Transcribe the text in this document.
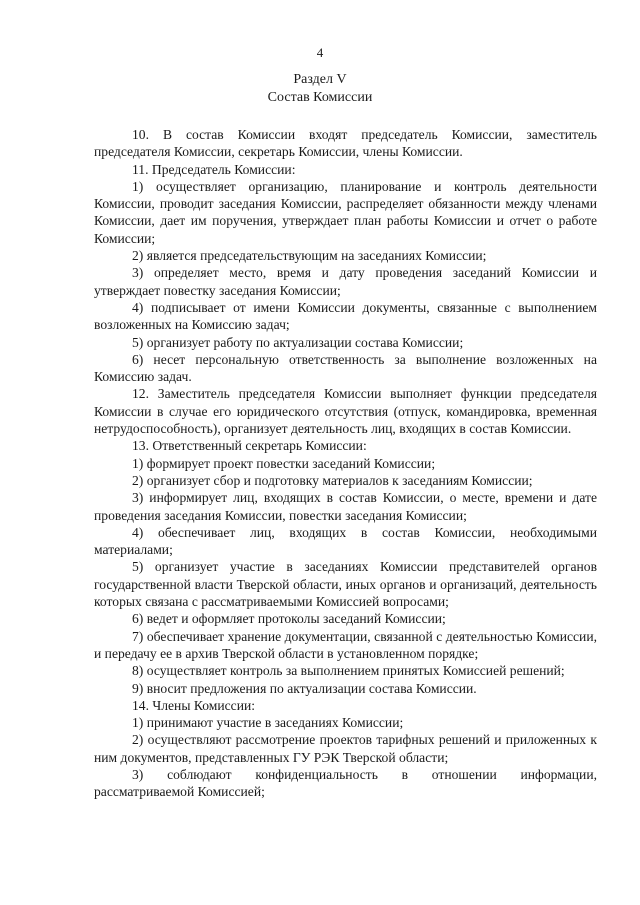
4
Раздел V
Состав Комиссии

10. В состав Комиссии входят председатель Комиссии, заместитель председателя Комиссии, секретарь Комиссии, члены Комиссии.

11. Председатель Комиссии:

1) осуществляет организацию, планирование и контроль деятельности Комиссии, проводит заседания Комиссии, распределяет обязанности между членами Комиссии, дает им поручения, утверждает план работы Комиссии и отчет о работе Комиссии;

2) является председательствующим на заседаниях Комиссии;

3) определяет место, время и дату проведения заседаний Комиссии и утверждает повестку заседания Комиссии;

4) подписывает от имени Комиссии документы, связанные с выполнением возложенных на Комиссию задач;

5) организует работу по актуализации состава Комиссии;

6) несет персональную ответственность за выполнение возложенных на Комиссию задач.

12. Заместитель председателя Комиссии выполняет функции председателя Комиссии в случае его юридического отсутствия (отпуск, командировка, временная нетрудоспособность), организует деятельность лиц, входящих в состав Комиссии.

13. Ответственный секретарь Комиссии:

1) формирует проект повестки заседаний Комиссии;

2) организует сбор и подготовку материалов к заседаниям Комиссии;

3) информирует лиц, входящих в состав Комиссии, о месте, времени и дате проведения заседания Комиссии, повестки заседания Комиссии;

4) обеспечивает лиц, входящих в состав Комиссии, необходимыми материалами;

5) организует участие в заседаниях Комиссии представителей органов государственной власти Тверской области, иных органов и организаций, деятельность которых связана с рассматриваемыми Комиссией вопросами;

6) ведет и оформляет протоколы заседаний Комиссии;

7) обеспечивает хранение документации, связанной с деятельностью Комиссии, и передачу ее в архив Тверской области в установленном порядке;

8) осуществляет контроль за выполнением принятых Комиссией решений;

9) вносит предложения по актуализации состава Комиссии.

14. Члены Комиссии:

1) принимают участие в заседаниях Комиссии;

2) осуществляют рассмотрение проектов тарифных решений и приложенных к ним документов, представленных ГУ РЭК Тверской области;

3) соблюдают конфиденциальность в отношении информации, рассматриваемой Комиссией;
